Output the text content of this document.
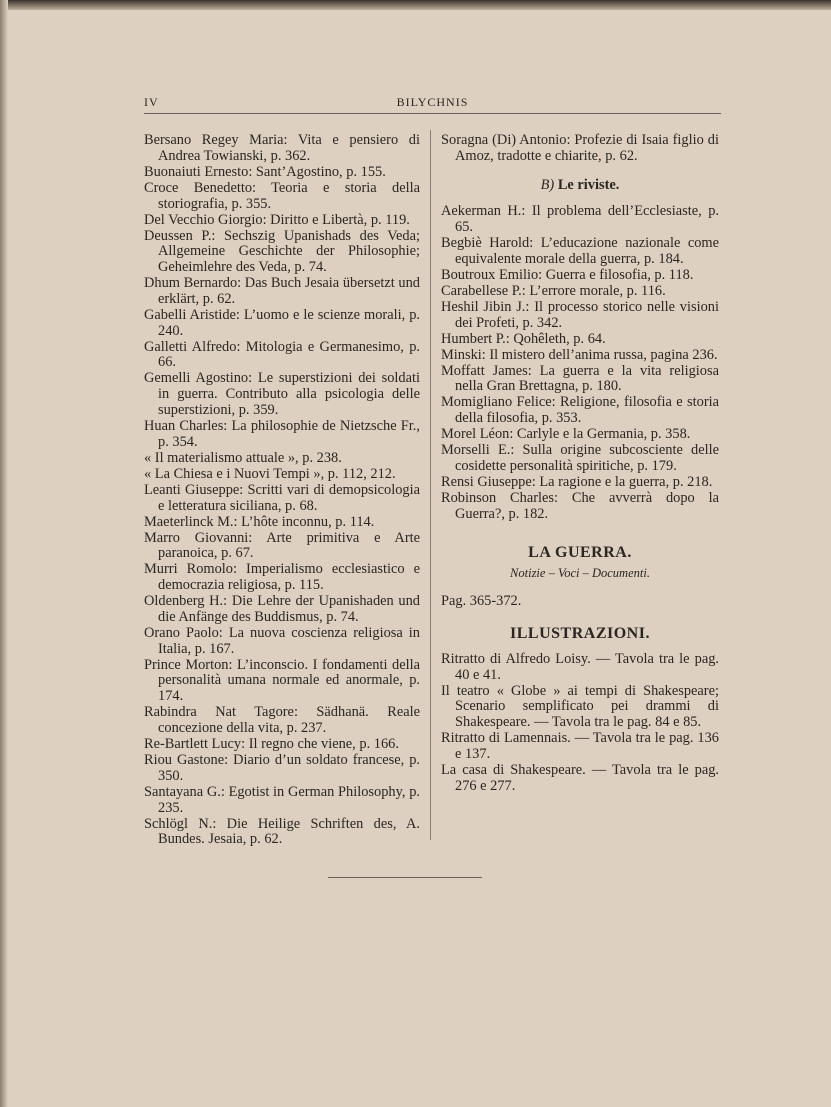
IV	BILYCHNIS
Bersano Regey Maria: Vita e pensiero di Andrea Towianski, p. 362.
Buonaiuti Ernesto: Sant’Agostino, p. 155.
Croce Benedetto: Teoria e storia della storiografia, p. 355.
Del Vecchio Giorgio: Diritto e Libertà, p. 119.
Deussen P.: Sechszig Upanishads des Veda; Allgemeine Geschichte der Philosophie; Geheimlehre des Veda, p. 74.
Dhum Bernardo: Das Buch Jesaia übersetzt und erklärt, p. 62.
Gabelli Aristide: L’uomo e le scienze morali, p. 240.
Galletti Alfredo: Mitologia e Germanesimo, p. 66.
Gemelli Agostino: Le superstizioni dei soldati in guerra. Contributo alla psicologia delle superstizioni, p. 359.
Huan Charles: La philosophie de Nietzsche Fr., p. 354.
« Il materialismo attuale », p. 238.
« La Chiesa e i Nuovi Tempi », p. 112, 212.
Leanti Giuseppe: Scritti vari di demopsicologia e letteratura siciliana, p. 68.
Maeterlinck M.: L’hôte inconnu, p. 114.
Marro Giovanni: Arte primitiva e Arte paranoica, p. 67.
Murri Romolo: Imperialismo ecclesiastico e democrazia religiosa, p. 115.
Oldenberg H.: Die Lehre der Upanishaden und die Anfänge des Buddismus, p. 74.
Orano Paolo: La nuova coscienza religiosa in Italia, p. 167.
Prince Morton: L’inconscio. I fondamenti della personalità umana normale ed anormale, p. 174.
Rabindra Nat Tagore: Sädhanä. Reale concezione della vita, p. 237.
Re-Bartlett Lucy: Il regno che viene, p. 166.
Riou Gastone: Diario d’un soldato francese, p. 350.
Santayana G.: Egotist in German Philosophy, p. 235.
Schlögl N.: Die Heilige Schriften des, A. Bundes. Jesaia, p. 62.
Soragna (Di) Antonio: Profezie di Isaia figlio di Amoz, tradotte e chiarite, p. 62.
B) Le riviste.
Aekerman H.: Il problema dell’Ecclesiaste, p. 65.
Begbiè Harold: L’educazione nazionale come equivalente morale della guerra, p. 184.
Boutroux Emilio: Guerra e filosofia, p. 118.
Carabellese P.: L’errore morale, p. 116.
Heshil Jibin J.: Il processo storico nelle visioni dei Profeti, p. 342.
Humbert P.: Qohêleth, p. 64.
Minski: Il mistero dell’anima russa, pagina 236.
Moffatt James: La guerra e la vita religiosa nella Gran Brettagna, p. 180.
Momigliano Felice: Religione, filosofia e storia della filosofia, p. 353.
Morel Léon: Carlyle e la Germania, p. 358.
Morselli E.: Sulla origine subcosciente delle cosidette personalità spiritiche, p. 179.
Rensi Giuseppe: La ragione e la guerra, p. 218.
Robinson Charles: Che avverrà dopo la Guerra?, p. 182.
LA GUERRA.
Notizie – Voci – Documenti.
Pag. 365-372.
ILLUSTRAZIONI.
Ritratto di Alfredo Loisy. — Tavola tra le pag. 40 e 41.
Il teatro « Globe » ai tempi di Shakespeare; Scenario semplificato pei drammi di Shakespeare. — Tavola tra le pag. 84 e 85.
Ritratto di Lamennais. — Tavola tra le pag. 136 e 137.
La casa di Shakespeare. — Tavola tra le pag. 276 e 277.
